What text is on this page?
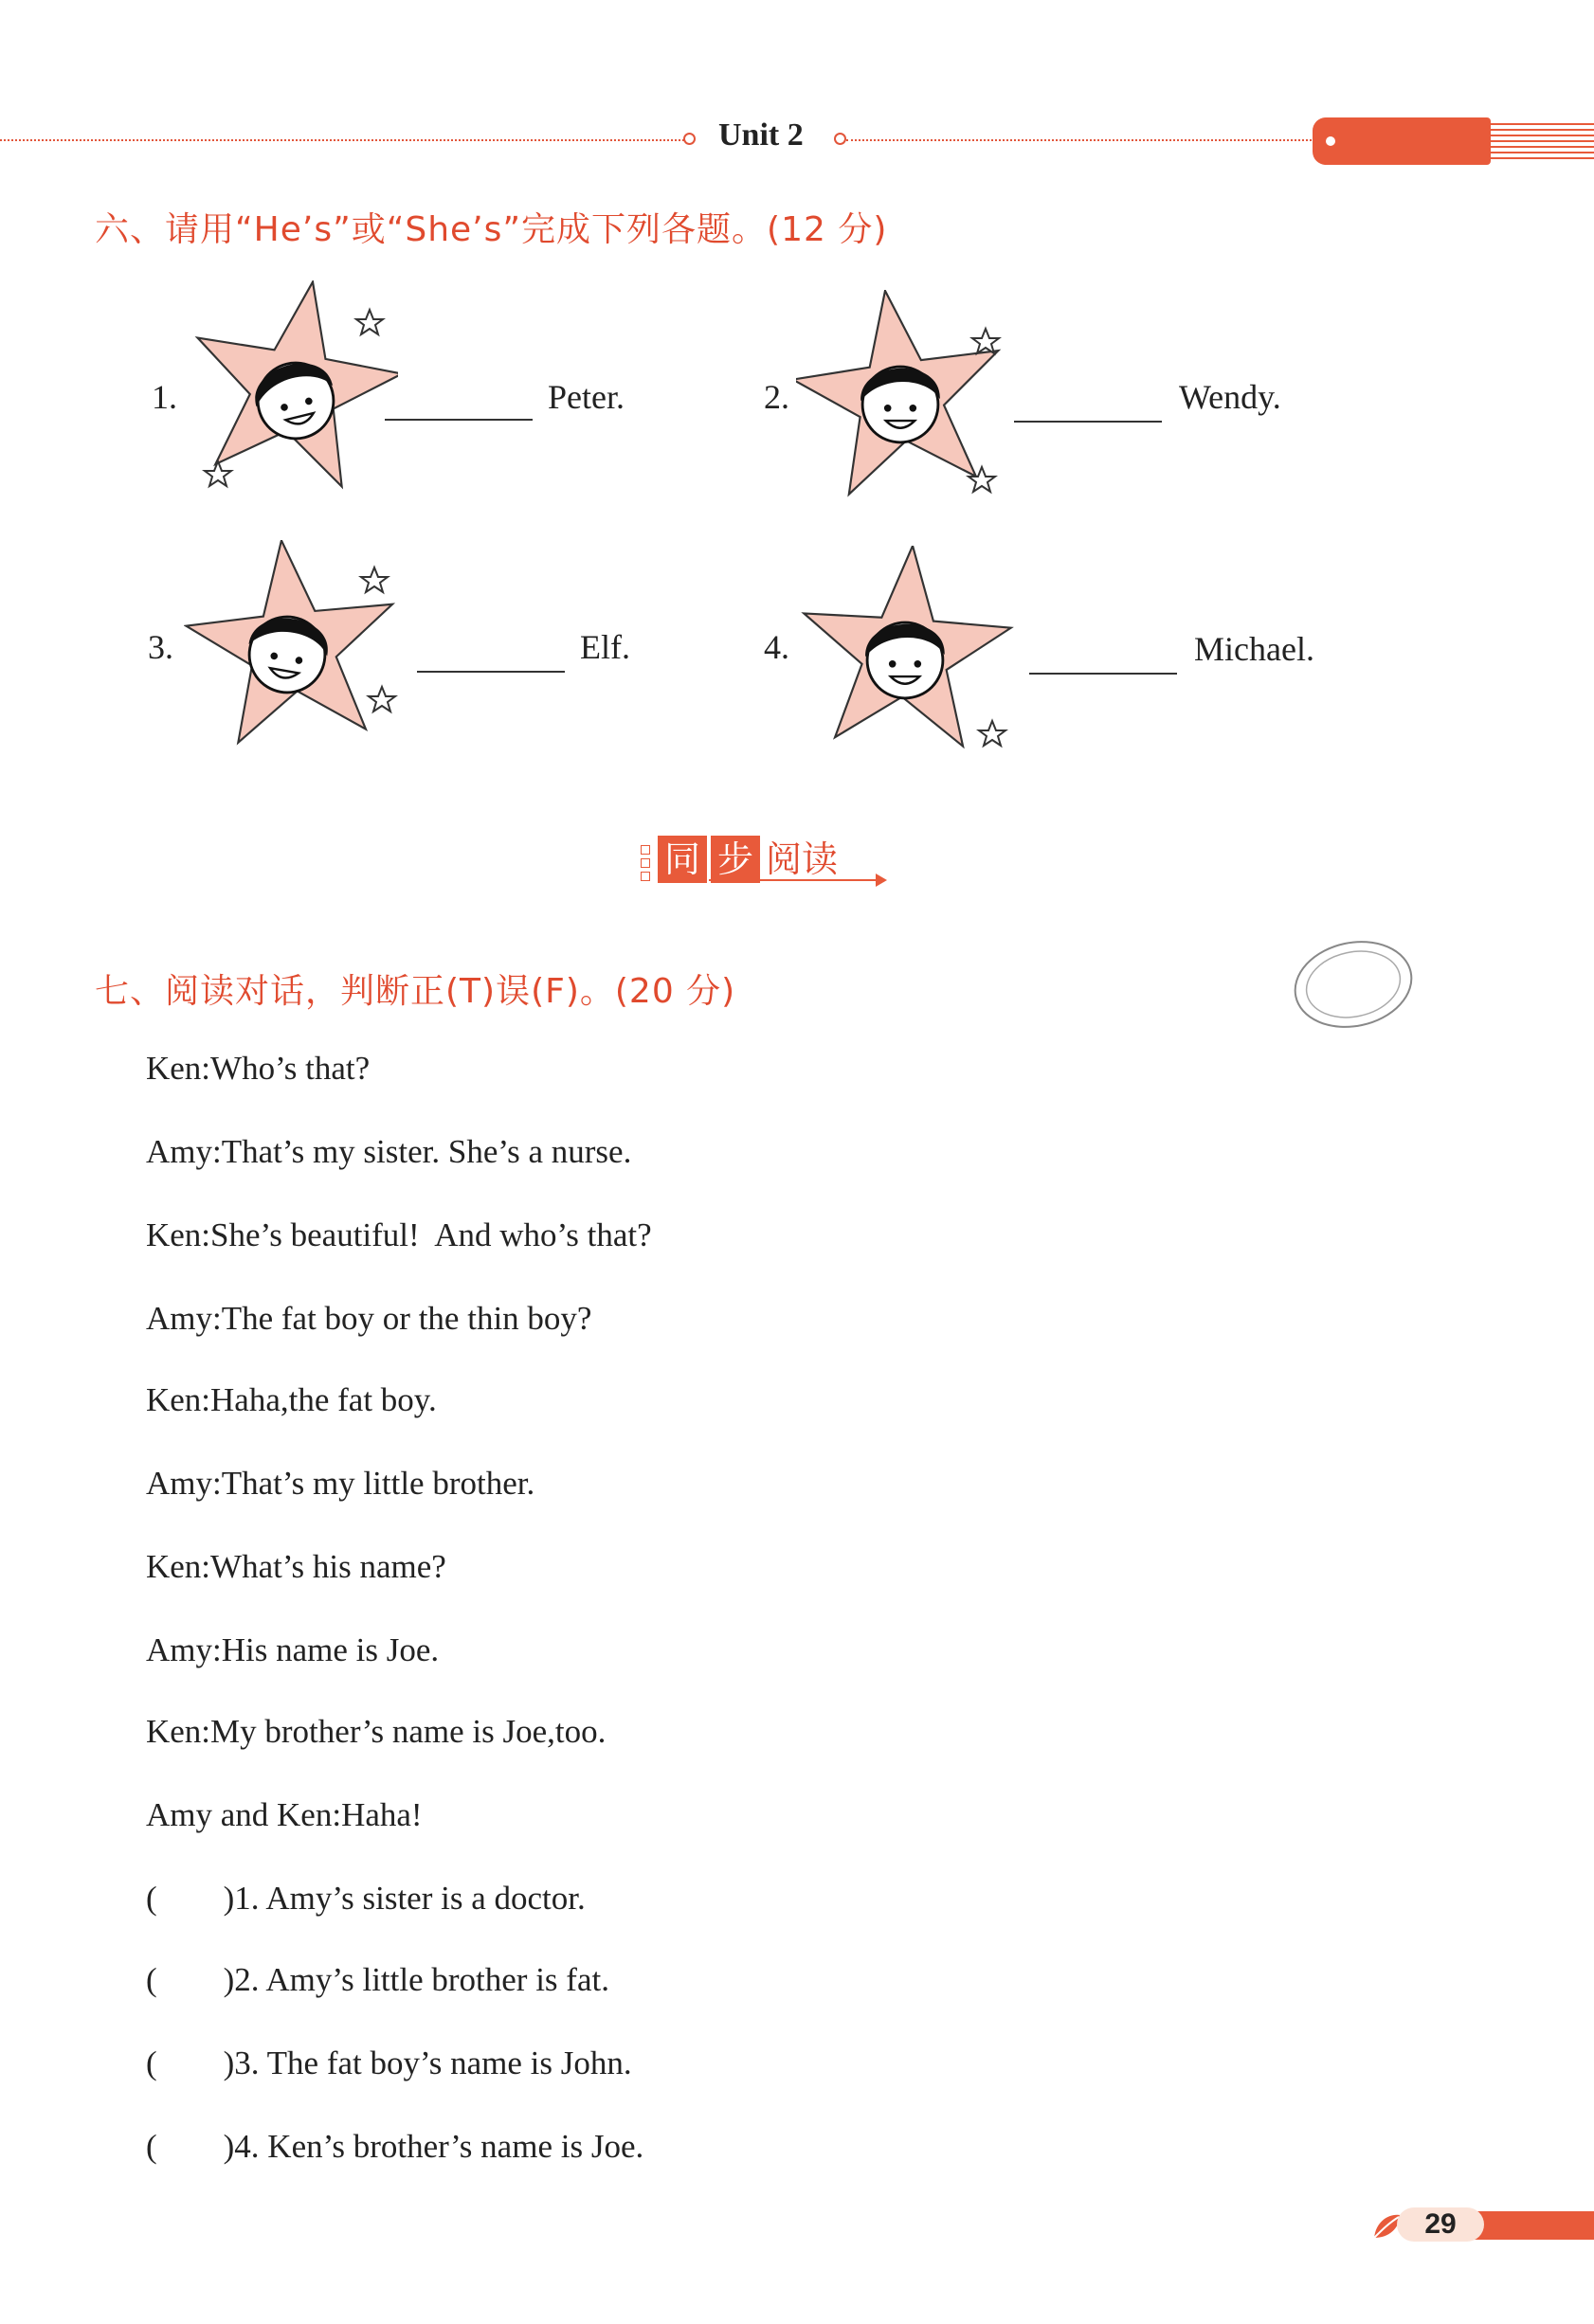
Unit 2
六、请用“He’s”或“She’s”完成下列各题。(12 分)
1.	Peter.	2.	Wendy.
3.	Elf.	4.	Michael.
同 步 阅读
七、阅读对话，判断正(T)误(F)。(20 分)
Ken:Who’s that?
Amy:That’s my sister. She’s a nurse.
Ken:She’s beautiful!  And who’s that?
Amy:The fat boy or the thin boy?
Ken:Haha,the fat boy.
Amy:That’s my little brother.
Ken:What’s his name?
Amy:His name is Joe.
Ken:My brother’s name is Joe,too.
Amy and Ken:Haha!
(        )1. Amy’s sister is a doctor.
(        )2. Amy’s little brother is fat.
(        )3. The fat boy’s name is John.
(        )4. Ken’s brother’s name is Joe.
29
